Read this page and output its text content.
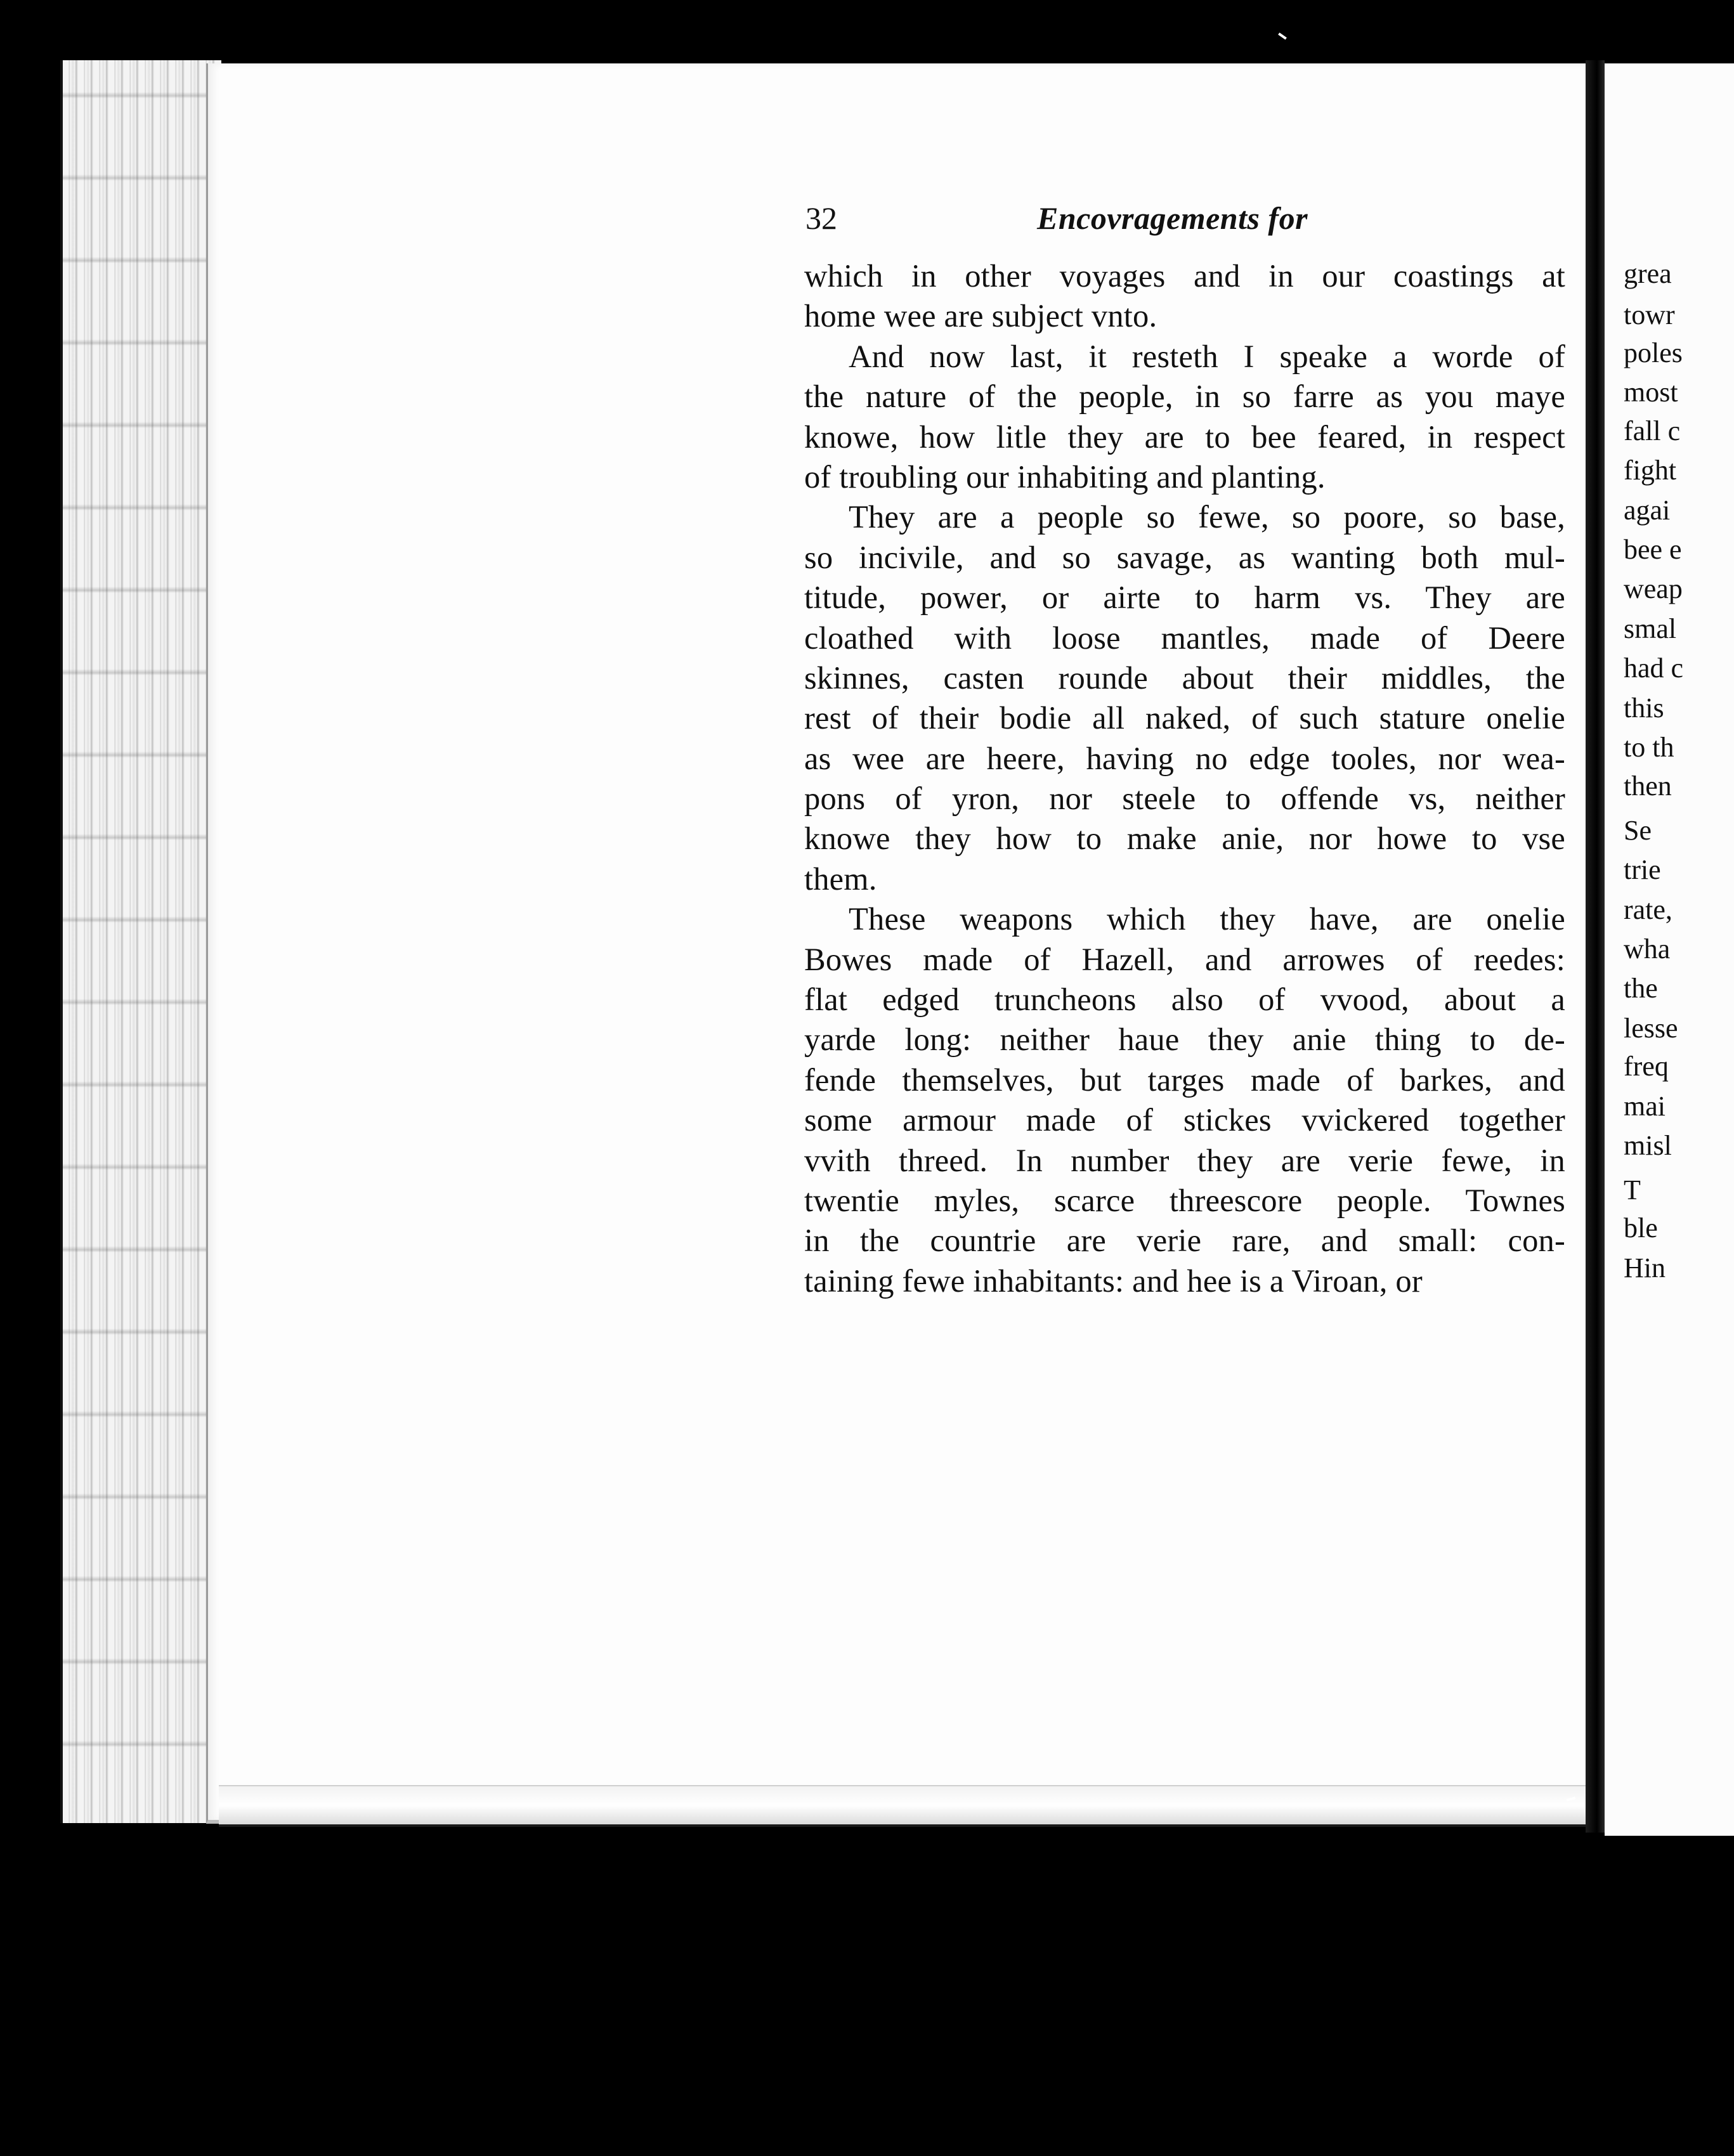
grea
towr
poles
most
fall c
fight
agai
bee e
weap
smal
had c
this
to th
then
Se
trie
rate,
wha
the
lesse
freq
mai
misl
T
ble
Hin
32	Encovragements for
which in other voyages and in our coastings at
home wee are subject vnto.
And now last, it resteth I speake a worde of
the nature of the people, in so farre as you maye
knowe, how litle they are to bee feared, in respect
of troubling our inhabiting and planting.
They are a people so fewe, so poore, so base,
so incivile, and so savage, as wanting both mul-
titude, power, or airte to harm vs. They are
cloathed with loose mantles, made of Deere
skinnes, casten rounde about their middles, the
rest of their bodie all naked, of such stature onelie
as wee are heere, having no edge tooles, nor wea-
pons of yron, nor steele to offende vs, neither
knowe they how to make anie, nor howe to vse
them.
These weapons which they have, are onelie
Bowes made of Hazell, and arrowes of reedes:
flat edged truncheons also of vvood, about a
yarde long: neither haue they anie thing to de-
fende themselves, but targes made of barkes, and
some armour made of stickes vvickered together
vvith threed. In number they are verie fewe, in
twentie myles, scarce threescore people. Townes
in the countrie are verie rare, and small: con-
taining fewe inhabitants: and hee is a Viroan, or
